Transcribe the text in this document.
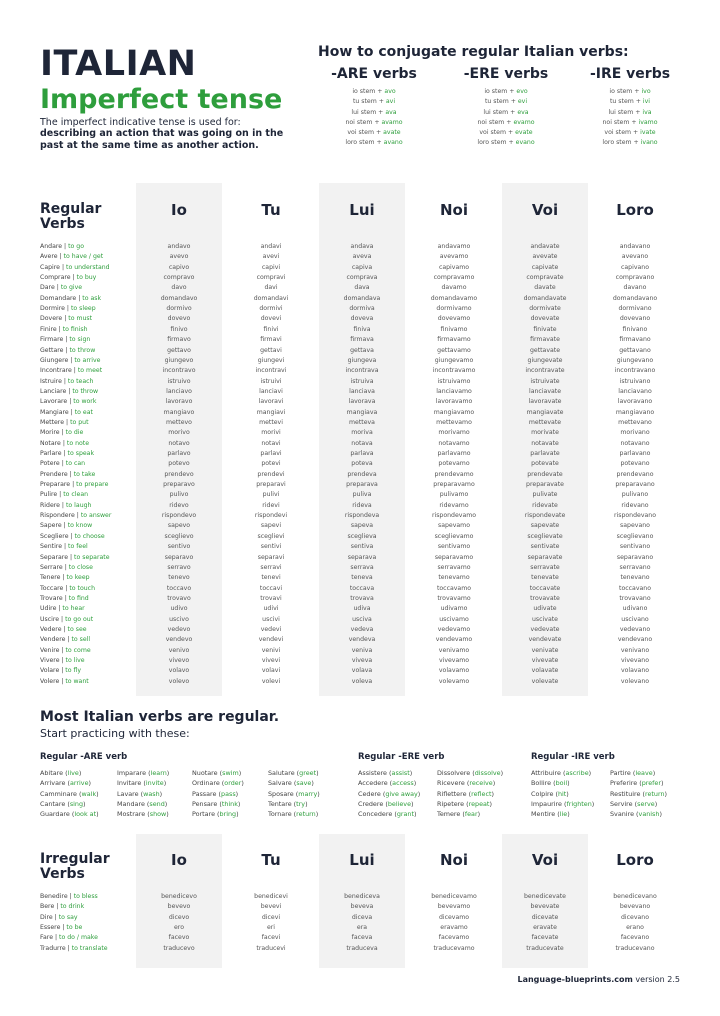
ITALIAN
Imperfect tense
The imperfect indicative tense is used for:
describing an action that was going on in the past at the same time as another action.
How to conjugate regular Italian verbs:
-ARE verbs
io stem + avo
tu stem + avi
lui stem + ava
noi stem + avamo
voi stem + avate
loro stem + avano
-ERE verbs
io stem + evo
tu stem + evi
lui stem + eva
noi stem + evamo
voi stem + evate
loro stem + evano
-IRE verbs
io stem + ivo
tu stem + ivi
lui stem + iva
noi stem + ivamo
voi stem + ivate
loro stem + ivano
Regular Verbs
Io	Tu	Lui	Noi	Voi	Loro
Andare | to go	andavo	andavi	andava	andavamo	andavate	andavano
Avere | to have / get	avevo	avevi	aveva	avevamo	avevate	avevano
Capire | to understand	capivo	capivi	capiva	capivamo	capivate	capivano
Comprare | to buy	compravo	compravi	comprava	compravamo	compravate	compravano
Dare | to give	davo	davi	dava	davamo	davate	davano
Domandare | to ask	domandavo	domandavi	domandava	domandavamo	domandavate	domandavano
Dormire | to sleep	dormivo	dormivi	dormiva	dormivamo	dormivate	dormivano
Dovere | to must	dovevo	dovevi	doveva	dovevamo	dovevate	dovevano
Finire | to finish	finivo	finivi	finiva	finivamo	finivate	finivano
Firmare | to sign	firmavo	firmavi	firmava	firmavamo	firmavate	firmavano
Gettare | to throw	gettavo	gettavi	gettava	gettavamo	gettavate	gettavano
Giungere | to arrive	giungevo	giungevi	giungeva	giungevamo	giungevate	giungevano
Incontrare | to meet	incontravo	incontravi	incontrava	incontravamo	incontravate	incontravano
Istruire | to teach	istruivo	istruivi	istruiva	istruivamo	istruivate	istruivano
Lanciare | to throw	lanciavo	lanciavi	lanciava	lanciavamo	lanciavate	lanciavano
Lavorare | to work	lavoravo	lavoravi	lavorava	lavoravamo	lavoravate	lavoravano
Mangiare | to eat	mangiavo	mangiavi	mangiava	mangiavamo	mangiavate	mangiavano
Mettere | to put	mettevo	mettevi	metteva	mettevamo	mettevate	mettevano
Morire | to die	morivo	morivi	moriva	morivamo	morivate	morivano
Notare | to note	notavo	notavi	notava	notavamo	notavate	notavano
Parlare | to speak	parlavo	parlavi	parlava	parlavamo	parlavate	parlavano
Potere | to can	potevo	potevi	poteva	potevamo	potevate	potevano
Prendere | to take	prendevo	prendevi	prendeva	prendevamo	prendevate	prendevano
Preparare | to prepare	preparavo	preparavi	preparava	preparavamo	preparavate	preparavano
Pulire | to clean	pulivo	pulivi	puliva	pulivamo	pulivate	pulivano
Ridere | to laugh	ridevo	ridevi	rideva	ridevamo	ridevate	ridevano
Rispondere | to answer	rispondevo	rispondevi	rispondeva	rispondevamo	rispondevate	rispondevano
Sapere | to know	sapevo	sapevi	sapeva	sapevamo	sapevate	sapevano
Scegliere | to choose	sceglievo	sceglievi	sceglieva	sceglievamo	sceglievate	sceglievano
Sentire | to feel	sentivo	sentivi	sentiva	sentivamo	sentivate	sentivano
Separare | to separate	separavo	separavi	separava	separavamo	separavate	separavano
Serrare | to close	serravo	serravi	serrava	serravamo	serravate	serravano
Tenere | to keep	tenevo	tenevi	teneva	tenevamo	tenevate	tenevano
Toccare | to touch	toccavo	toccavi	toccava	toccavamo	toccavate	toccavano
Trovare | to find	trovavo	trovavi	trovava	trovavamo	trovavate	trovavano
Udire | to hear	udivo	udivi	udiva	udivamo	udivate	udivano
Uscire | to go out	uscivo	uscivi	usciva	uscivamo	uscivate	uscivano
Vedere | to see	vedevo	vedevi	vedeva	vedevamo	vedevate	vedevano
Vendere | to sell	vendevo	vendevi	vendeva	vendevamo	vendevate	vendevano
Venire | to come	venivo	venivi	veniva	venivamo	venivate	venivano
Vivere | to live	vivevo	vivevi	viveva	vivevamo	vivevate	vivevano
Volare | to fly	volavo	volavi	volava	volavamo	volavate	volavano
Volere | to want	volevo	volevi	voleva	volevamo	volevate	volevano
Most Italian verbs are regular.
Start practicing with these:
Regular -ARE verb
Abitare (live)
Arrivare (arrive)
Camminare (walk)
Cantare (sing)
Guardare (look at)
Imparare (learn)
Invitare (invite)
Lavare (wash)
Mandare (send)
Mostrare (show)
Nuotare (swim)
Ordinare (order)
Passare (pass)
Pensare (think)
Portare (bring)
Salutare (greet)
Salvare (save)
Sposare (marry)
Tentare (try)
Tornare (return)
Regular -ERE verb
Assistere (assist)
Accedere (access)
Cedere (give away)
Credere (believe)
Concedere (grant)
Dissolvere (dissolve)
Ricevere (receive)
Riflettere (reflect)
Ripetere (repeat)
Temere (fear)
Regular -IRE verb
Attribuire (ascribe)
Bollire (boil)
Colpire (hit)
Impaurire (frighten)
Mentire (lie)
Partire (leave)
Preferire (prefer)
Restituire (return)
Servire (serve)
Svanire (vanish)
Irregular Verbs
Io	Tu	Lui	Noi	Voi	Loro
Benedire | to bless	benedicevo	benedicevi	benediceva	benedicevamo	benedicevate	benedicevano
Bere | to drink	bevevo	bevevi	beveva	bevevamo	bevevate	bevevano
Dire | to say	dicevo	dicevi	diceva	dicevamo	dicevate	dicevano
Essere | to be	ero	eri	era	eravamo	eravate	erano
Fare | to do / make	facevo	facevi	faceva	facevamo	facevate	facevano
Tradurre | to translate	traducevo	traducevi	traduceva	traducevamo	traducevate	traducevano
Language-blueprints.com version 2.5
